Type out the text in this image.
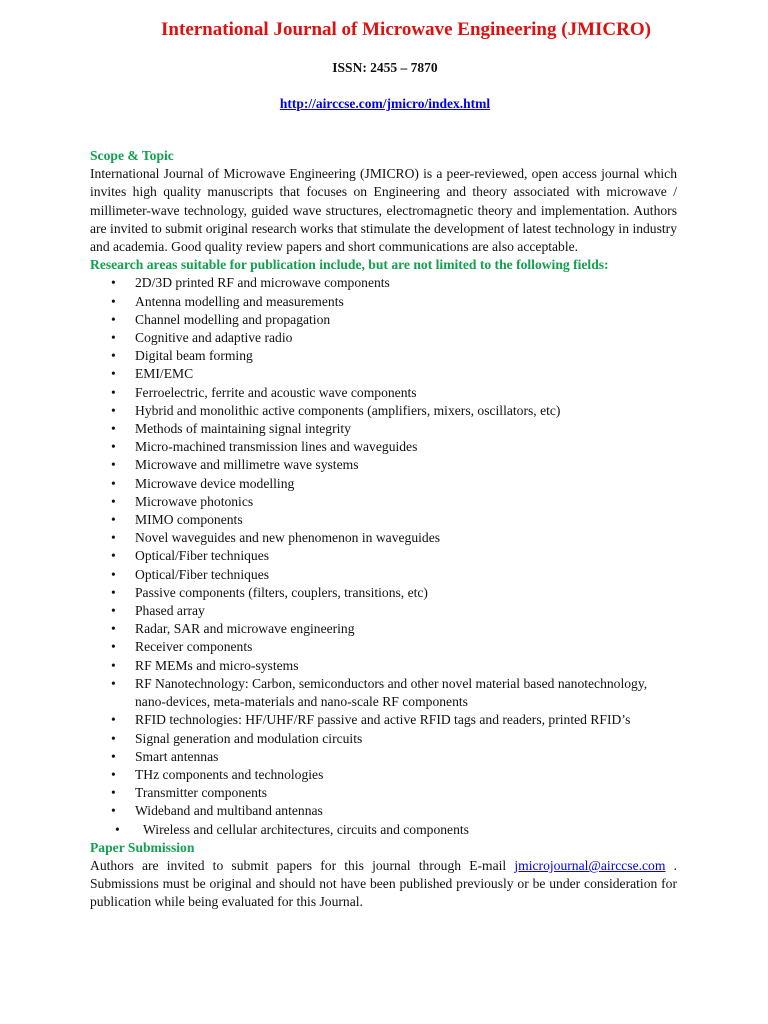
International Journal of Microwave Engineering (JMICRO)
ISSN: 2455 – 7870
http://airccse.com/jmicro/index.html
Scope & Topic

International Journal of Microwave Engineering (JMICRO) is a peer-reviewed, open access journal which invites high quality manuscripts that focuses on Engineering and theory associated with microwave / millimeter-wave technology, guided wave structures, electromagnetic theory and implementation. Authors are invited to submit original research works that stimulate the development of latest technology in industry and academia. Good quality review papers and short communications are also acceptable.

Research areas suitable for publication include, but are not limited to the following fields:
• 2D/3D printed RF and microwave components
• Antenna modelling and measurements
• Channel modelling and propagation
• Cognitive and adaptive radio
• Digital beam forming
• EMI/EMC
• Ferroelectric, ferrite and acoustic wave components
• Hybrid and monolithic active components (amplifiers, mixers, oscillators, etc)
• Methods of maintaining signal integrity
• Micro-machined transmission lines and waveguides
• Microwave and millimetre wave systems
• Microwave device modelling
• Microwave photonics
• MIMO components
• Novel waveguides and new phenomenon in waveguides
• Optical/Fiber techniques
• Optical/Fiber techniques
• Passive components (filters, couplers, transitions, etc)
• Phased array
• Radar, SAR and microwave engineering
• Receiver components
• RF MEMs and micro-systems
• RF Nanotechnology: Carbon, semiconductors and other novel material based nanotechnology, nano-devices, meta-materials and nano-scale RF components
• RFID technologies: HF/UHF/RF passive and active RFID tags and readers, printed RFID’s
• Signal generation and modulation circuits
• Smart antennas
• THz components and technologies
• Transmitter components
• Wideband and multiband antennas
• Wireless and cellular architectures, circuits and components
Paper Submission

Authors are invited to submit papers for this journal through E-mail jmicrojournal@airccse.com . Submissions must be original and should not have been published previously or be under consideration for publication while being evaluated for this Journal.
